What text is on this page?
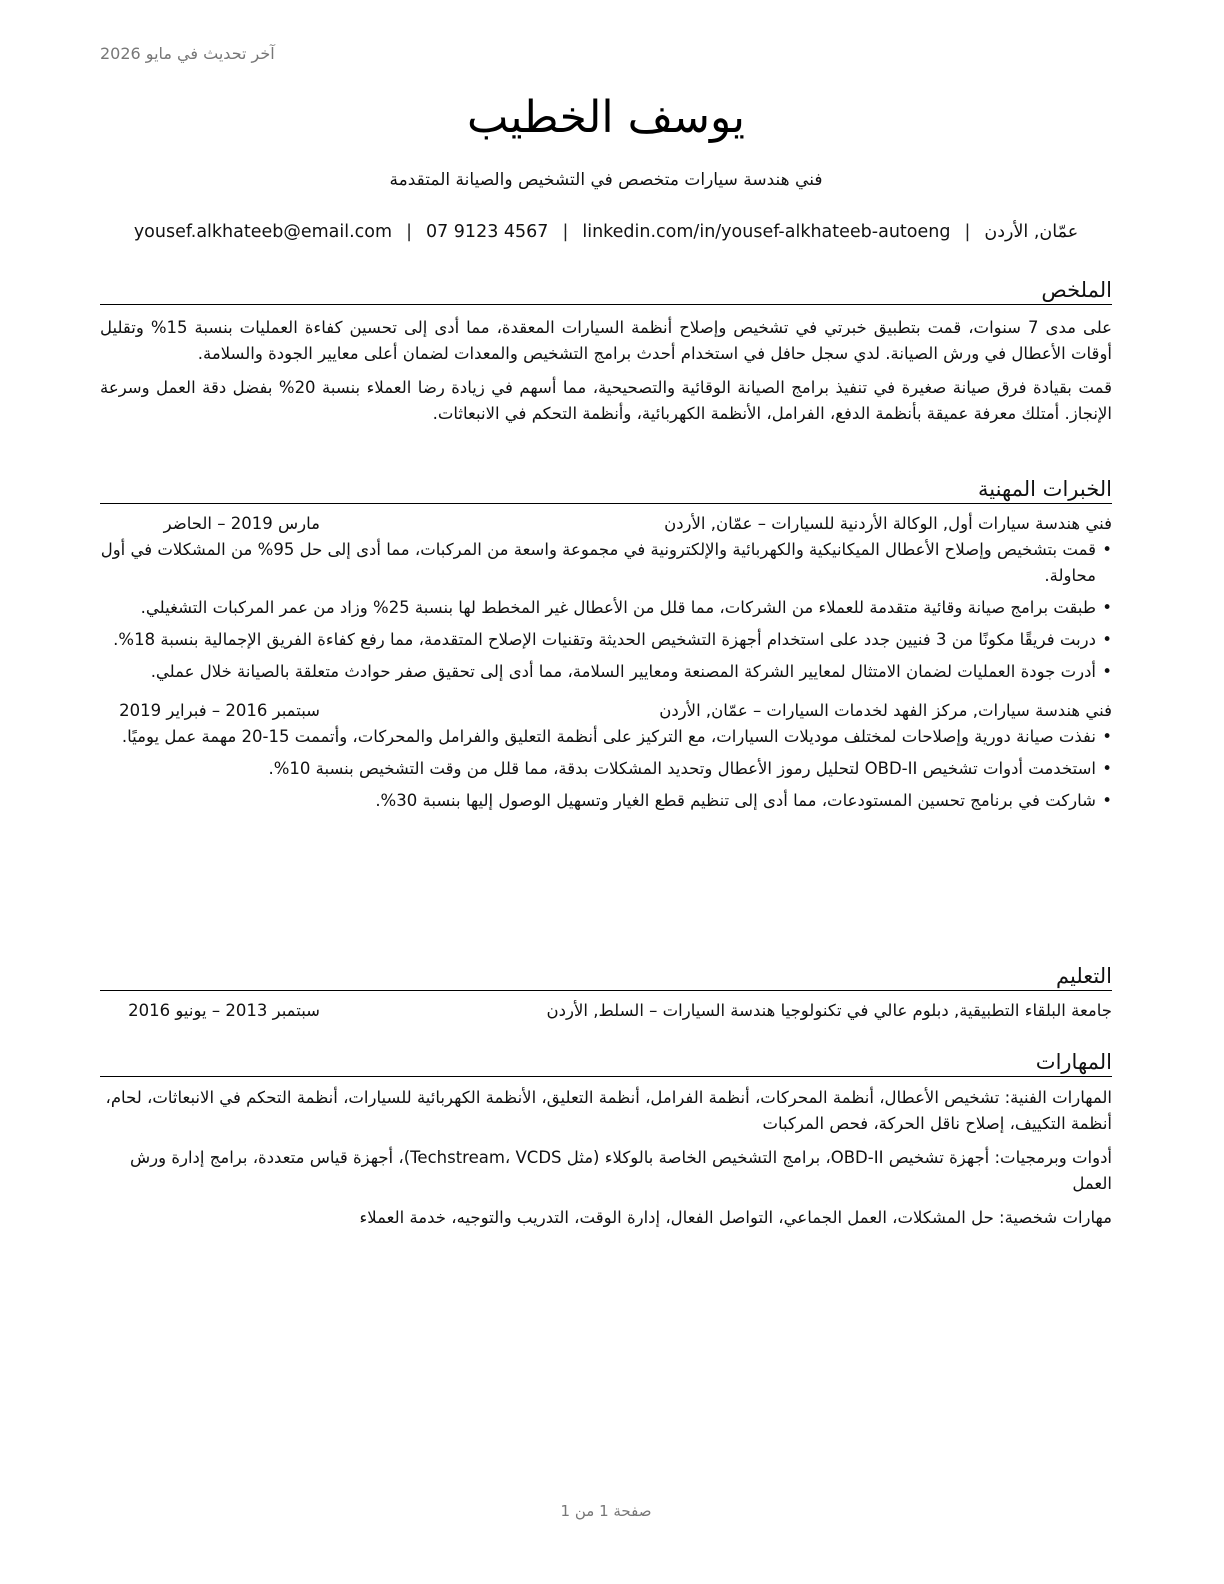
آخر تحديث في مايو 2026
يوسف الخطيب
فني هندسة سيارات متخصص في التشخيص والصيانة المتقدمة
عمّان, الأردن|yousef.alkhateeb@email.com | 07 9123 4567 | linkedin.com/in/yousef-alkhateeb-autoeng
الملخص

على مدى 7 سنوات، قمت بتطبيق خبرتي في تشخيص وإصلاح أنظمة السيارات المعقدة، مما أدى إلى تحسين كفاءة العمليات بنسبة 15% وتقليل أوقات الأعطال في ورش الصيانة. لدي سجل حافل في استخدام أحدث برامج التشخيص والمعدات لضمان أعلى معايير الجودة والسلامة.

قمت بقيادة فرق صيانة صغيرة في تنفيذ برامج الصيانة الوقائية والتصحيحية، مما أسهم في زيادة رضا العملاء بنسبة 20% بفضل دقة العمل وسرعة الإنجاز. أمتلك معرفة عميقة بأنظمة الدفع، الفرامل، الأنظمة الكهربائية، وأنظمة التحكم في الانبعاثات.

الخبرات المهنية
فني هندسة سيارات أول, الوكالة الأردنية للسيارات – عمّان, الأردن
مارس 2019 – الحاضر
• قمت بتشخيص وإصلاح الأعطال الميكانيكية والكهربائية والإلكترونية في مجموعة واسعة من المركبات، مما أدى إلى حل 95% من المشكلات في أول محاولة.
• طبقت برامج صيانة وقائية متقدمة للعملاء من الشركات، مما قلل من الأعطال غير المخطط لها بنسبة 25% وزاد من عمر المركبات التشغيلي.
• دربت فريقًا مكونًا من 3 فنيين جدد على استخدام أجهزة التشخيص الحديثة وتقنيات الإصلاح المتقدمة، مما رفع كفاءة الفريق الإجمالية بنسبة 18%.
• أدرت جودة العمليات لضمان الامتثال لمعايير الشركة المصنعة ومعايير السلامة، مما أدى إلى تحقيق صفر حوادث متعلقة بالصيانة خلال عملي.
فني هندسة سيارات, مركز الفهد لخدمات السيارات – عمّان, الأردن
سبتمبر 2016 – فبراير 2019
• نفذت صيانة دورية وإصلاحات لمختلف موديلات السيارات، مع التركيز على أنظمة التعليق والفرامل والمحركات، وأتممت 15-20 مهمة عمل يوميًا.
• استخدمت أدوات تشخيص OBD-II لتحليل رموز الأعطال وتحديد المشكلات بدقة، مما قلل من وقت التشخيص بنسبة 10%.
• شاركت في برنامج تحسين المستودعات، مما أدى إلى تنظيم قطع الغيار وتسهيل الوصول إليها بنسبة 30%.
التعليم
جامعة البلقاء التطبيقية, دبلوم عالي في تكنولوجيا هندسة السيارات – السلط, الأردن
سبتمبر 2013 – يونيو 2016
المهارات
المهارات الفنية: تشخيص الأعطال، أنظمة المحركات، أنظمة الفرامل، أنظمة التعليق، الأنظمة الكهربائية للسيارات، أنظمة التحكم في الانبعاثات، لحام، أنظمة التكييف، إصلاح ناقل الحركة، فحص المركبات
أدوات وبرمجيات: أجهزة تشخيص OBD-II، برامج التشخيص الخاصة بالوكلاء (مثل Techstream، VCDS)، أجهزة قياس متعددة، برامج إدارة ورش العمل
مهارات شخصية: حل المشكلات، العمل الجماعي، التواصل الفعال، إدارة الوقت، التدريب والتوجيه، خدمة العملاء
صفحة 1 من 1
